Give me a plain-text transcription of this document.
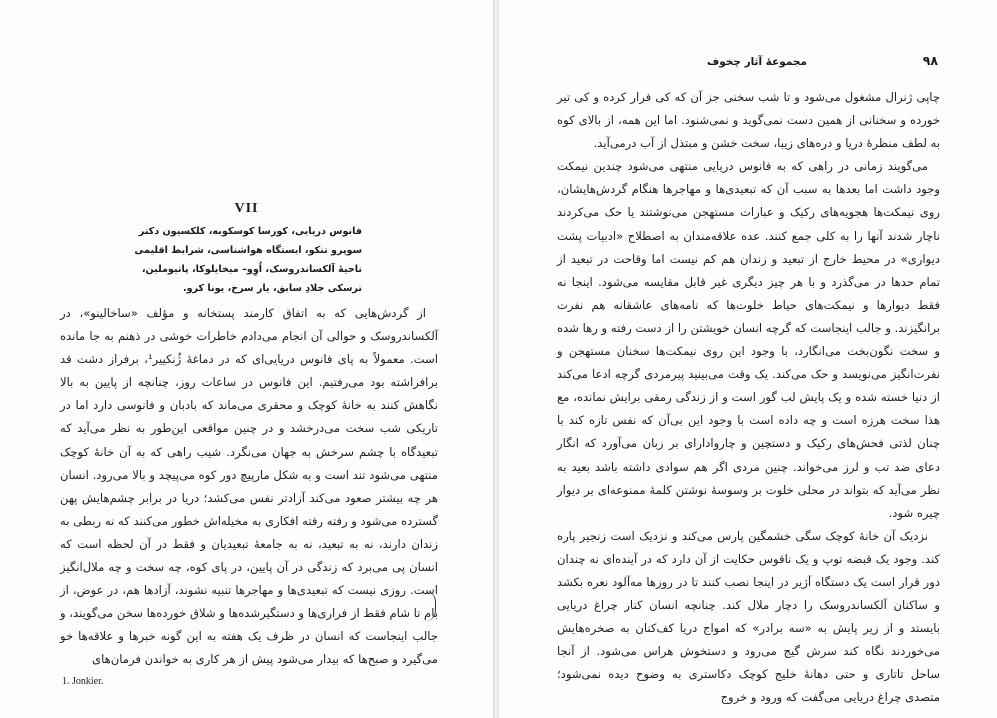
VII
فانوس دریایی، کورسا کوسکوبه، کلکسیون دکتر
سوپرو تنکو، ایستگاه هواشناسی، شرایط اقلیمی
ناحیهٔ آلکساندروسک، اُوِو– میخایلوکا، پاتیوملین،
ترسکی جلادِ سابق، یار سرخ، یونا کرو.

از گردش‌هایی که به اتفاق کارمند پستخانه و مؤلف «ساخالینو»، در آلکساندروسک و حوالی آن انجام می‌دادم خاطرات خوشی در ذهنم به جا مانده است. معمولاً به پای فانوس دریایی‌ای که در دماغهٔ ژُنکییر¹، برفراز دشت قد برافراشته بود می‌رفتیم. این فانوس در ساعات روز، چنانچه از پایین به بالا نگاهش کنند به خانهٔ کوچک و محقری می‌ماند که بادبان و فانوسی دارد اما در تاریکی شب سخت می‌درخشد و در چنین مواقعی این‌طور به نظر می‌آید که تبعیدگاه با چشم سرخش به جهان می‌نگرد. شیب راهی که به آن خانهٔ کوچک منتهی می‌شود تند است و به شکل مارپیچ دور کوه می‌پیچد و بالا می‌رود. انسان هر چه بیشتر صعود می‌کند آزادتر نفس می‌کشد؛ دریا در برابر چشم‌هایش پهن گسترده می‌شود و رفته رفته افکاری به مخیله‌اش خطور می‌کنند که نه ربطی به زندان دارند، نه به تبعید، نه به جامعهٔ تبعیدیان و فقط در آن لحظه است که انسان پی می‌برد که زندگی در آن پایین، در پای کوه، چه سخت و چه ملال‌انگیز است. روزی نیست که تبعیدی‌ها و مهاجرها تنبیه نشوند، آزادها هم، در عوض، از بام تا شام فقط از فراری‌ها و دستگیرشده‌ها و شلاق خورده‌ها سخن می‌گویند، و جالب اینجاست که انسان در ظرف یک هفته به این گونه خبرها و علاقه‌ها خو می‌گیرد و صبح‌ها که بیدار می‌شود پیش از هر کاری به خواندن فرمان‌های

1. Jonkier.
۹۸
مجموعهٔ آثار چخوف

چاپی ژنرال مشغول می‌شود و تا شب سخنی جز آن که کی فرار کرده و کی تیر خورده و سخنانی از همین دست نمی‌گوید و نمی‌شنود. اما این همه، از بالای کوه به لطف منظرهٔ دریا و دره‌های زیبا، سخت خشن و مبتذل از آب درمی‌آید.

می‌گویند زمانی در راهی که به فانوس دریایی منتهی می‌شود چندین نیمکت وجود داشت اما بعدها به سبب آن که تبعیدی‌ها و مهاجرها هنگام گردش‌هایشان، روی نیمکت‌ها هجویه‌های رکیک و عبارات مستهجن می‌نوشتند یا حک می‌کردند ناچار شدند آنها را به کلی جمع کنند. عده علاقه‌مندان به اصطلاح «ادبیات پشت دیواری» در محیط خارج از تبعید و زندان هم کم نیست اما وقاحت در تبعید از تمام حدها در می‌گذرد و با هر چیز دیگری غیر قابل مقایسه می‌شود. اینجا نه فقط دیوارها و نیمکت‌های حیاط خلوت‌ها که نامه‌های عاشقانه هم نفرت برانگیزند. و جالب اینجاست که گرچه انسان خویشتن را از دست رفته و رها شده و سخت نگون‌بخت می‌انگارد، با وجود این روی نیمکت‌ها سخنان مستهجن و نفرت‌انگیز می‌نویسد و حک می‌کند. یک وقت می‌بینید پیرمردی گرچه ادعا می‌کند از دنیا خسته شده و یک پایش لب گور است و از زندگی رمقی برایش نمانده، مع هذا سخت هرزه است و چه داده است با وجود این بی‌آن که نفس تازه کند با چنان لذتی فحش‌های رکیک و دستچین و چاروادارای بر زبان می‌آورد که انگار دعای ضد تب و لرز می‌خواند. چنین مردی اگر هم سوادی داشته باشد بعید به نظر می‌آید که بتواند در محلی خلوت بر وسوسهٔ نوشتن کلمهٔ ممنوعه‌ای بر دیوار چیره شود.

نزدیک آن خانهٔ کوچک سگی خشمگین پارس می‌کند و نزدیک است زنجیر پاره کند. وجود یک قبضه توپ و یک ناقوس حکایت از آن دارد که در آینده‌ای نه چندان دور قرار است یک دستگاه آژیر در اینجا نصب کنند تا در روزها مه‌آلود نعره بکشد و ساکنان آلکساندروسک را دچار ملال کند. چنانچه انسان کنار چراغ دریایی بایستد و از زیر پایش به «سه برادر» که امواج دریا کف‌کنان به صخره‌هایش می‌خوردند نگاه کند سرش گیج می‌رود و دستخوش هراس می‌شود. از آنجا ساحل تاتاری و حتی دهانهٔ خلیج کوچک دکاستری به وضوح دیده نمی‌شود؛ متصدی چراغ دریایی می‌گفت که ورود و خروج
